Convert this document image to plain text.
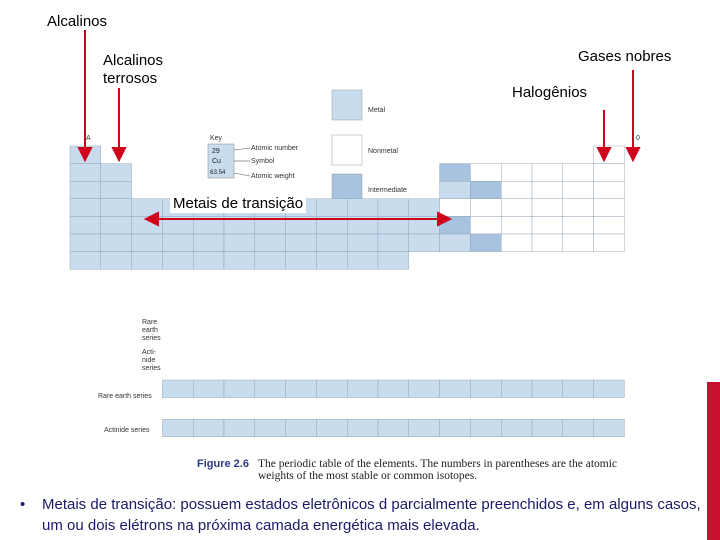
Alcalinos
Alcalinos
terrosos
Gases nobres
Halogênios
IA	0
Key
29
Cu
63.54
Atomic number
Symbol
Atomic weight
Metal
Nonmetal
Intermediate
Rare earth series
Acti-nide series
Rare earth series
Actinide series
Figure 2.6 The periodic table of the elements. The numbers in parentheses are the atomic
weights of the most stable or common isotopes.
Metais de transição
• Metais de transição: possuem estados eletrônicos d parcialmente preenchidos e, em alguns casos, um ou dois elétrons na próxima camada energética mais elevada.
